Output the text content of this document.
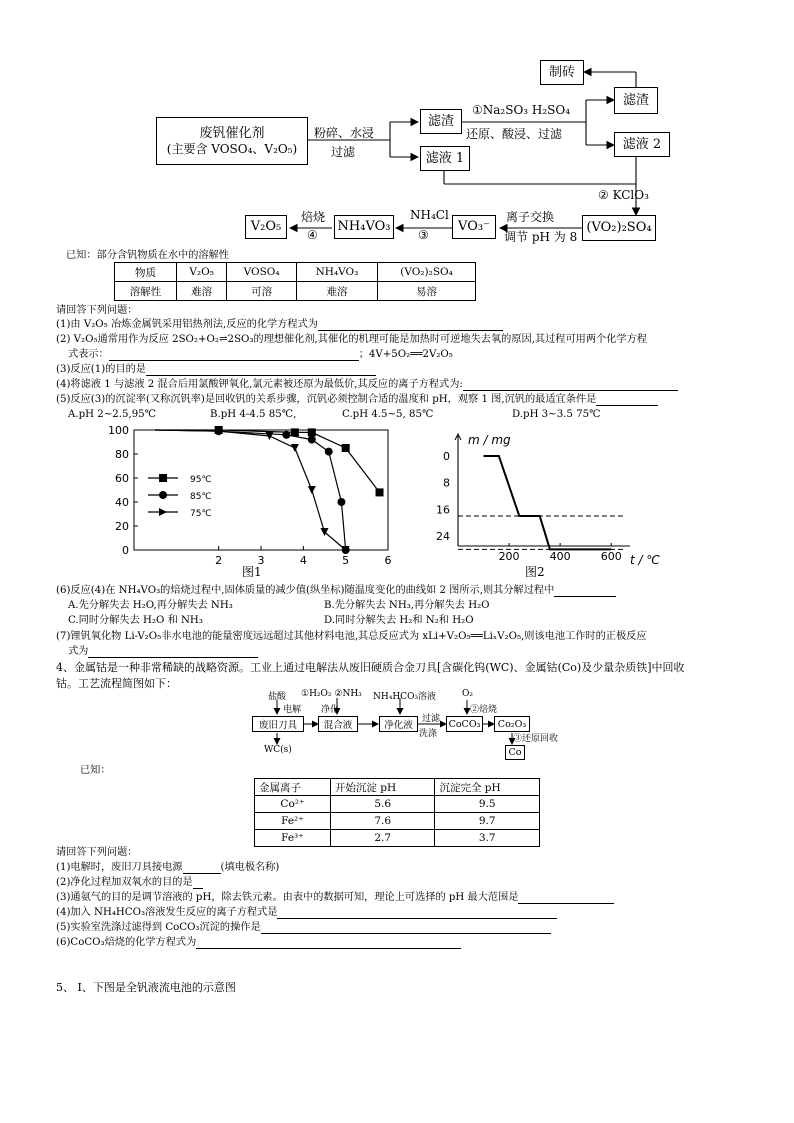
废钒催化剂
(主要含 VOSO₄、V₂O₅)
粉碎、水浸
过滤
滤渣
滤液 1
①Na₂SO₃ H₂SO₄
还原、酸浸、过滤
制砖
滤渣
滤液 2
② KClO₃
(VO₂)₂SO₄
离子交换
调节 pH 为 8
VO₃⁻
NH₄Cl
③
NH₄VO₃
焙烧
④
V₂O₅
已知：部分含钒物质在水中的溶解性
物质	V₂O₅	VOSO₄	NH₄VO₃	(VO₂)₂SO₄
溶解性	难溶	可溶	难溶	易溶
请回答下列问题：
(1)由 V₂O₅ 冶炼金属钒采用铝热剂法,反应的化学方程式为
(2) V₂O₅通常用作为反应 2SO₂+O₂⇌2SO₃的理想催化剂,其催化的机理可能是加热时可逆地失去氧的原因,其过程可用两个化学方程
式表示：	；4V+5O₂══2V₂O₅
(3)反应(1)的目的是
(4)将滤液 1 与滤液 2 混合后用氯酸钾氧化,氯元素被还原为最低价,其反应的离子方程式为:
(5)反应(3)的沉淀率(又称沉钒率)是回收钒的关系步骤，沉钒必须控制合适的温度和 pH，观察 1 图,沉钒的最适宜条件是
A.pH 2~2.5,95℃	B.pH 4-4.5 85℃,	C.pH 4.5~5, 85℃	D.pH 3~3.5 75℃
0
20
40
60
80
100
2	3	4	5	6
95℃
85℃
75℃
图1
m / mg
t / ℃
0
8
16
24
200	400	600
图2
(6)反应(4)在 NH₄VO₃的焙烧过程中,固体质量的减少值(纵坐标)随温度变化的曲线如 2 图所示,则其分解过程中
A.先分解失去 H₂O,再分解失去 NH₃	B.先分解失去 NH₃,再分解失去 H₂O
C.同时分解失去 H₂O 和 NH₃	D.同时分解失去 H₂和 N₂和 H₂O
(7)锂钒氧化物 Li-V₂O₅非水电池的能量密度远远超过其他材料电池,其总反应式为 xLi+V₂O₅══LiₓV₂O₅,则该电池工作时的正极反应
式为
4、金属钴是一种非常稀缺的战略资源。工业上通过电解法从废旧硬质合金刀具[含碳化钨(WC)、金属钴(Co)及少量杂质铁]中回收
钴。工艺流程简图如下：
盐酸
电解
废旧刀具
WC(s)
①H₂O₂ ②NH₃
净化
混合液
NH₄HCO₃溶液
净化液
过滤
洗涤
CoCO₃
O₂
②焙烧
Co₂O₃
③还原回收
Co
已知：
金属离子	开始沉淀 pH	沉淀完全 pH
Co²⁺	5.6	9.5
Fe²⁺	7.6	9.7
Fe³⁺	2.7	3.7
请回答下列问题：
(1)电解时，废旧刀具接电源	(填电极名称)
(2)净化过程加双氧水的目的是
(3)通氨气的目的是调节溶液的 pH，除去铁元素。由表中的数据可知，理论上可选择的 pH 最大范围是
(4)加入 NH₄HCO₃溶液发生反应的离子方程式是
(5)实验室洗涤过滤得到 CoCO₃沉淀的操作是
(6)CoCO₃焙烧的化学方程式为
5、 I、下图是全钒液流电池的示意图
